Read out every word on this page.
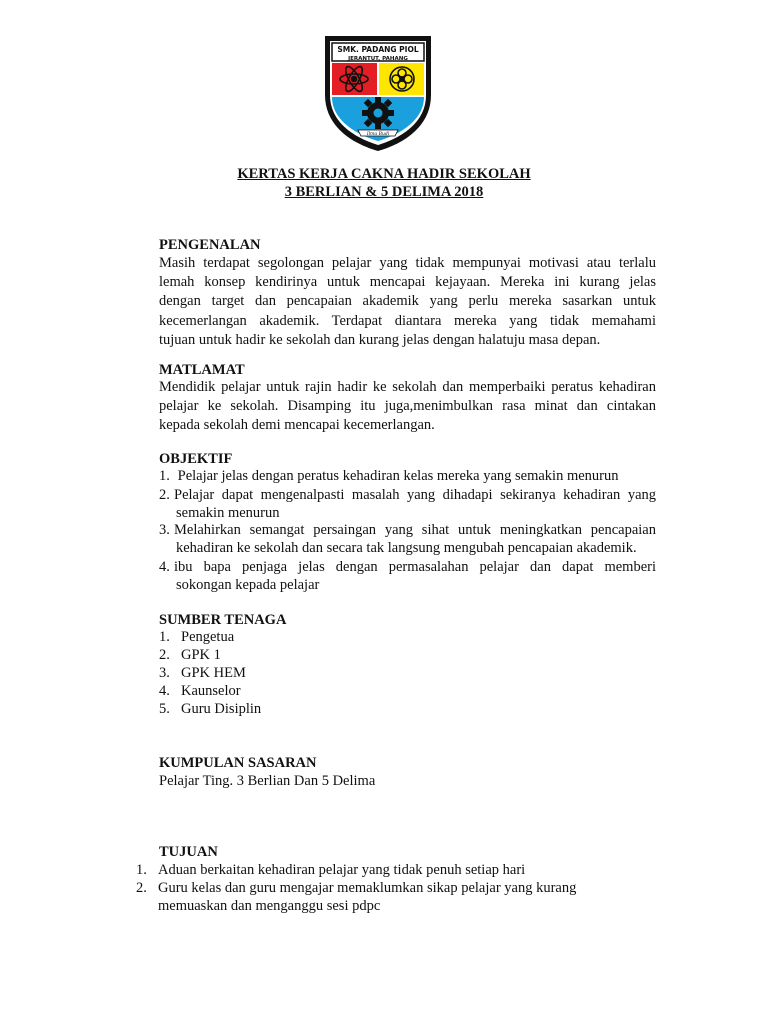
SMK. PADANG PIOL
JERANTUT, PAHANG
Ilmu Budi
KERTAS KERJA CAKNA HADIR SEKOLAH
3 BERLIAN & 5 DELIMA 2018
PENGENALAN
Masih terdapat segolongan pelajar yang tidak mempunyai motivasi atau terlalu
lemah konsep kendirinya untuk mencapai kejayaan. Mereka ini kurang jelas
dengan target dan pencapaian akademik yang perlu mereka sasarkan untuk
kecemerlangan akademik. Terdapat diantara mereka yang tidak memahami
tujuan untuk hadir ke sekolah dan kurang jelas dengan halatuju masa depan.
MATLAMAT
Mendidik pelajar untuk rajin hadir ke sekolah dan memperbaiki peratus kehadiran
pelajar ke sekolah. Disamping itu juga,menimbulkan rasa minat dan cintakan
kepada sekolah demi mencapai kecemerlangan.
OBJEKTIF
1. Pelajar jelas dengan peratus kehadiran kelas mereka yang semakin menurun
2. Pelajar dapat mengenalpasti masalah yang dihadapi sekiranya kehadiran yang
semakin menurun
3. Melahirkan semangat persaingan yang sihat untuk meningkatkan pencapaian
kehadiran ke sekolah dan secara tak langsung mengubah pencapaian akademik.
4. ibu bapa penjaga jelas dengan permasalahan pelajar dan dapat memberi
sokongan kepada pelajar
SUMBER TENAGA
1. Pengetua
2. GPK 1
3. GPK HEM
4. Kaunselor
5. Guru Disiplin
KUMPULAN SASARAN
Pelajar Ting. 3 Berlian Dan 5 Delima
TUJUAN
1. Aduan berkaitan kehadiran pelajar yang tidak penuh setiap hari
2. Guru kelas dan guru mengajar memaklumkan sikap pelajar yang kurang
memuaskan dan menganggu sesi pdpc
